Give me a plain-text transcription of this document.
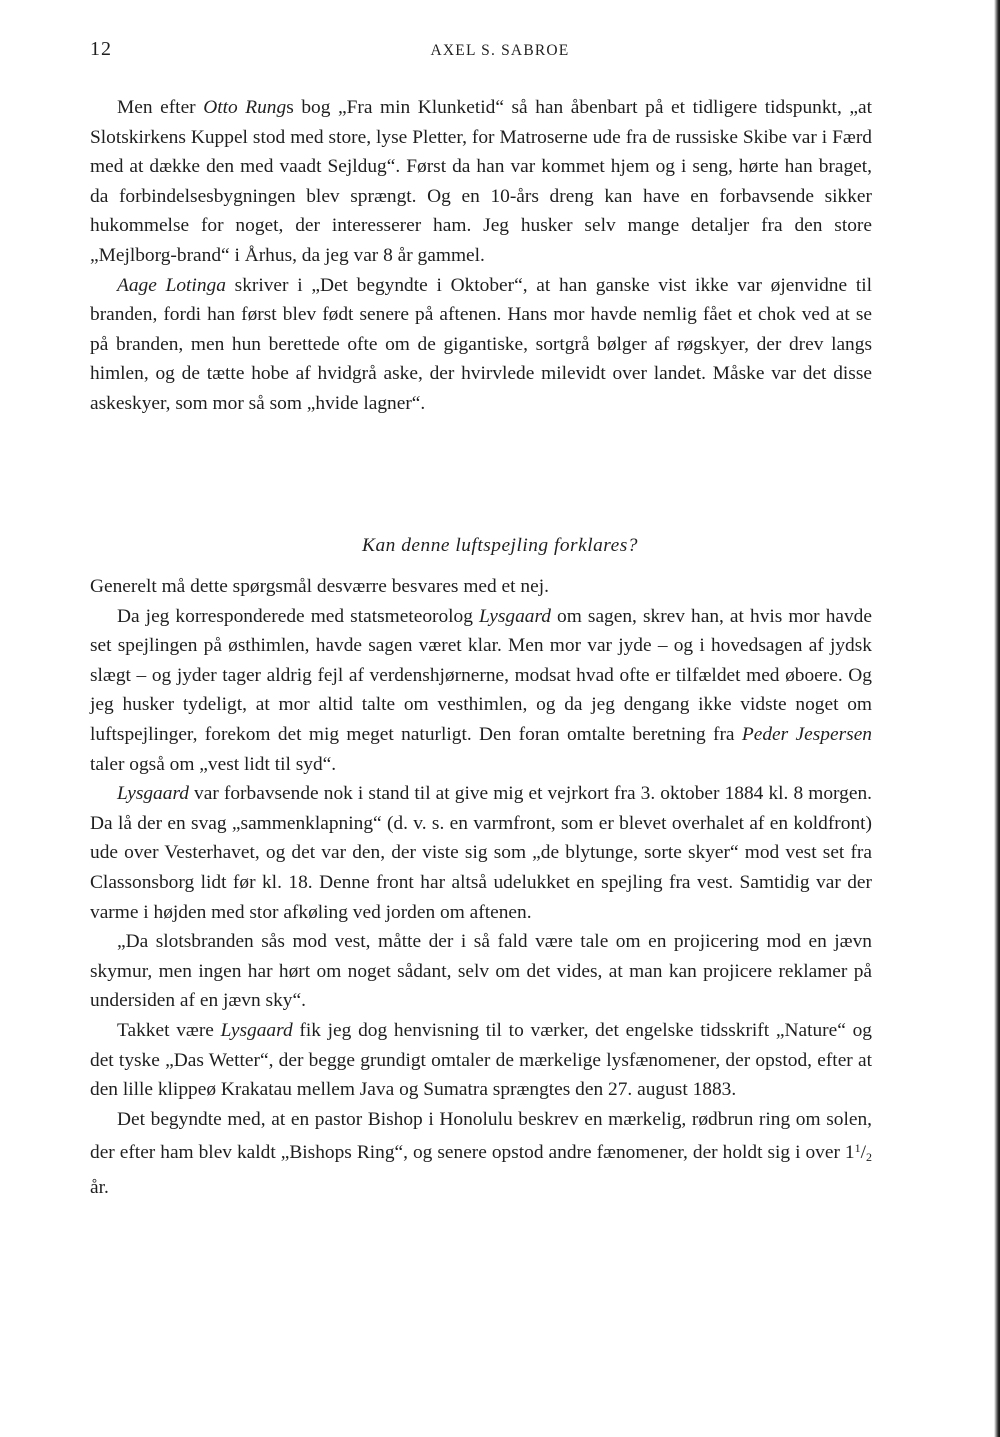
12	AXEL S. SABROE

Men efter Otto Rungs bog „Fra min Klunketid“ så han åbenbart på et tidligere tidspunkt, „at Slotskirkens Kuppel stod med store, lyse Pletter, for Matroserne ude fra de russiske Skibe var i Færd med at dække den med vaadt Sejldug“. Først da han var kommet hjem og i seng, hørte han braget, da forbindelsesbygningen blev sprængt. Og en 10-års dreng kan have en forbavsende sikker hukommelse for noget, der interesserer ham. Jeg husker selv mange detaljer fra den store „Mejlborg-brand“ i Århus, da jeg var 8 år gammel.

Aage Lotinga skriver i „Det begyndte i Oktober“, at han ganske vist ikke var øjenvidne til branden, fordi han først blev født senere på aftenen. Hans mor havde nemlig fået et chok ved at se på branden, men hun berettede ofte om de gigantiske, sortgrå bølger af røgskyer, der drev langs himlen, og de tætte hobe af hvidgrå aske, der hvirvlede milevidt over landet. Måske var det disse askeskyer, som mor så som „hvide lagner“.

Kan denne luftspejling forklares?

Generelt må dette spørgsmål desværre besvares med et nej.

Da jeg korresponderede med statsmeteorolog Lysgaard om sagen, skrev han, at hvis mor havde set spejlingen på østhimlen, havde sagen været klar. Men mor var jyde – og i hovedsagen af jydsk slægt – og jyder tager aldrig fejl af verdenshjørnerne, modsat hvad ofte er tilfældet med øboere. Og jeg husker tydeligt, at mor altid talte om vesthimlen, og da jeg dengang ikke vidste noget om luftspejlinger, forekom det mig meget naturligt. Den foran omtalte beretning fra Peder Jespersen taler også om „vest lidt til syd“.

Lysgaard var forbavsende nok i stand til at give mig et vejrkort fra 3. oktober 1884 kl. 8 morgen. Da lå der en svag „sammenklapning“ (d. v. s. en varmfront, som er blevet overhalet af en koldfront) ude over Vesterhavet, og det var den, der viste sig som „de blytunge, sorte skyer“ mod vest set fra Classonsborg lidt før kl. 18. Denne front har altså udelukket en spejling fra vest. Samtidig var der varme i højden med stor afkøling ved jorden om aftenen.

„Da slotsbranden sås mod vest, måtte der i så fald være tale om en projicering mod en jævn skymur, men ingen har hørt om noget sådant, selv om det vides, at man kan projicere reklamer på undersiden af en jævn sky“.

Takket være Lysgaard fik jeg dog henvisning til to værker, det engelske tidsskrift „Nature“ og det tyske „Das Wetter“, der begge grundigt omtaler de mærkelige lysfænomener, der opstod, efter at den lille klippeø Krakatau mellem Java og Sumatra sprængtes den 27. august 1883.

Det begyndte med, at en pastor Bishop i Honolulu beskrev en mærkelig, rødbrun ring om solen, der efter ham blev kaldt „Bishops Ring“, og senere opstod andre fænomener, der holdt sig i over $1^1/_2$ år.
